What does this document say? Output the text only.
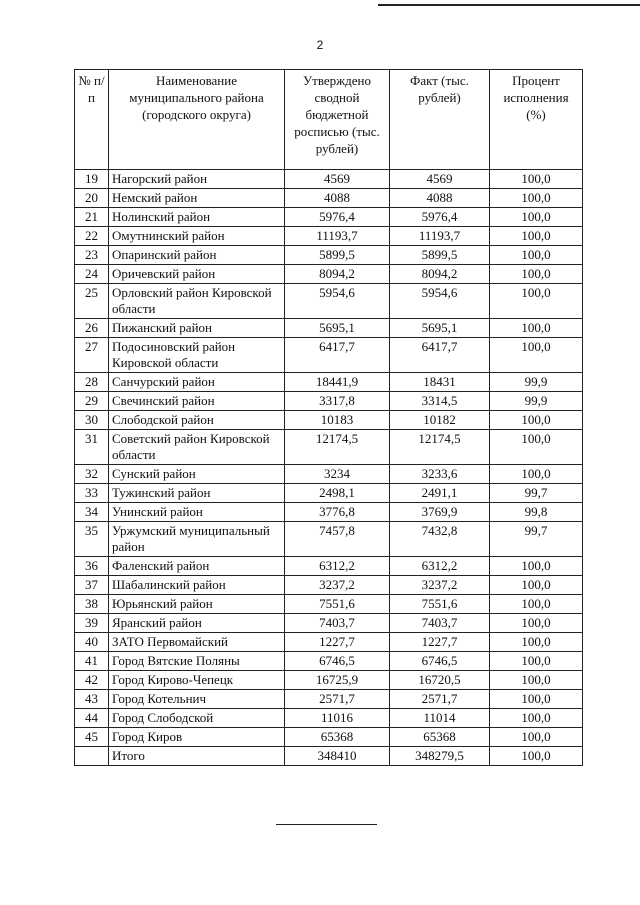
2
№ п/п	Наименование муниципального района (городского округа)	Утверждено сводной бюджетной росписью (тыс. рублей)	Факт (тыс. рублей)	Процент исполнения (%)
19	Нагорский район	4569	4569	100,0
20	Немский район	4088	4088	100,0
21	Нолинский район	5976,4	5976,4	100,0
22	Омутнинский район	11193,7	11193,7	100,0
23	Опаринский район	5899,5	5899,5	100,0
24	Оричевский район	8094,2	8094,2	100,0
25	Орловский район Кировской области	5954,6	5954,6	100,0
26	Пижанский район	5695,1	5695,1	100,0
27	Подосиновский район Кировской области	6417,7	6417,7	100,0
28	Санчурский район	18441,9	18431	99,9
29	Свечинский район	3317,8	3314,5	99,9
30	Слободской район	10183	10182	100,0
31	Советский район Кировской области	12174,5	12174,5	100,0
32	Сунский район	3234	3233,6	100,0
33	Тужинский район	2498,1	2491,1	99,7
34	Унинский район	3776,8	3769,9	99,8
35	Уржумский муниципальный район	7457,8	7432,8	99,7
36	Фаленский район	6312,2	6312,2	100,0
37	Шабалинский район	3237,2	3237,2	100,0
38	Юрьянский район	7551,6	7551,6	100,0
39	Яранский район	7403,7	7403,7	100,0
40	ЗАТО Первомайский	1227,7	1227,7	100,0
41	Город Вятские Поляны	6746,5	6746,5	100,0
42	Город Кирово-Чепецк	16725,9	16720,5	100,0
43	Город Котельнич	2571,7	2571,7	100,0
44	Город Слободской	11016	11014	100,0
45	Город Киров	65368	65368	100,0
	Итого	348410	348279,5	100,0
